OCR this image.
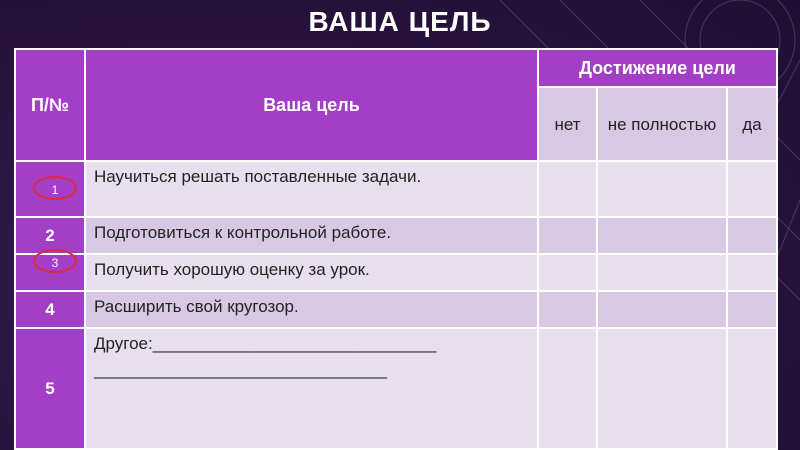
ВАША ЦЕЛЬ
П/№	Ваша цель	Достижение цели		
		нет	не полностью	да

1	Научиться решать поставленные задачи.			
2	Подготовиться к контрольной работе.			

3	Получить хорошую оценку за урок.			
4	Расширить свой кругозор.			
5	Другое:______________________________
_______________________________			
